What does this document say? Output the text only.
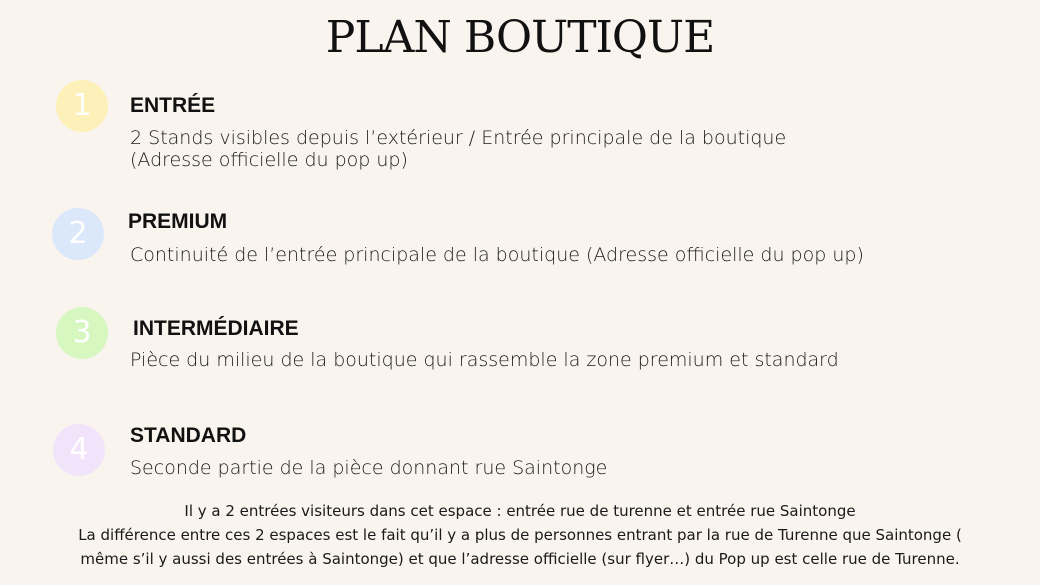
PLAN BOUTIQUE
1	ENTRÉE
2 Stands visibles depuis l’extérieur / Entrée principale de la boutique
(Adresse officielle du pop up)
2	PREMIUM
Continuité de l’entrée principale de la boutique (Adresse officielle du pop up)
3	INTERMÉDIAIRE
Pièce du milieu de la boutique qui rassemble la zone premium et standard
4	STANDARD
Seconde partie de la pièce donnant rue Saintonge
Il y a 2 entrées visiteurs dans cet espace : entrée rue de turenne et entrée rue Saintonge
La différence entre ces 2 espaces est le fait qu’il y a plus de personnes entrant par la rue de Turenne que Saintonge (
même s’il y aussi des entrées à Saintonge) et que l’adresse officielle (sur flyer…) du Pop up est celle rue de Turenne.
